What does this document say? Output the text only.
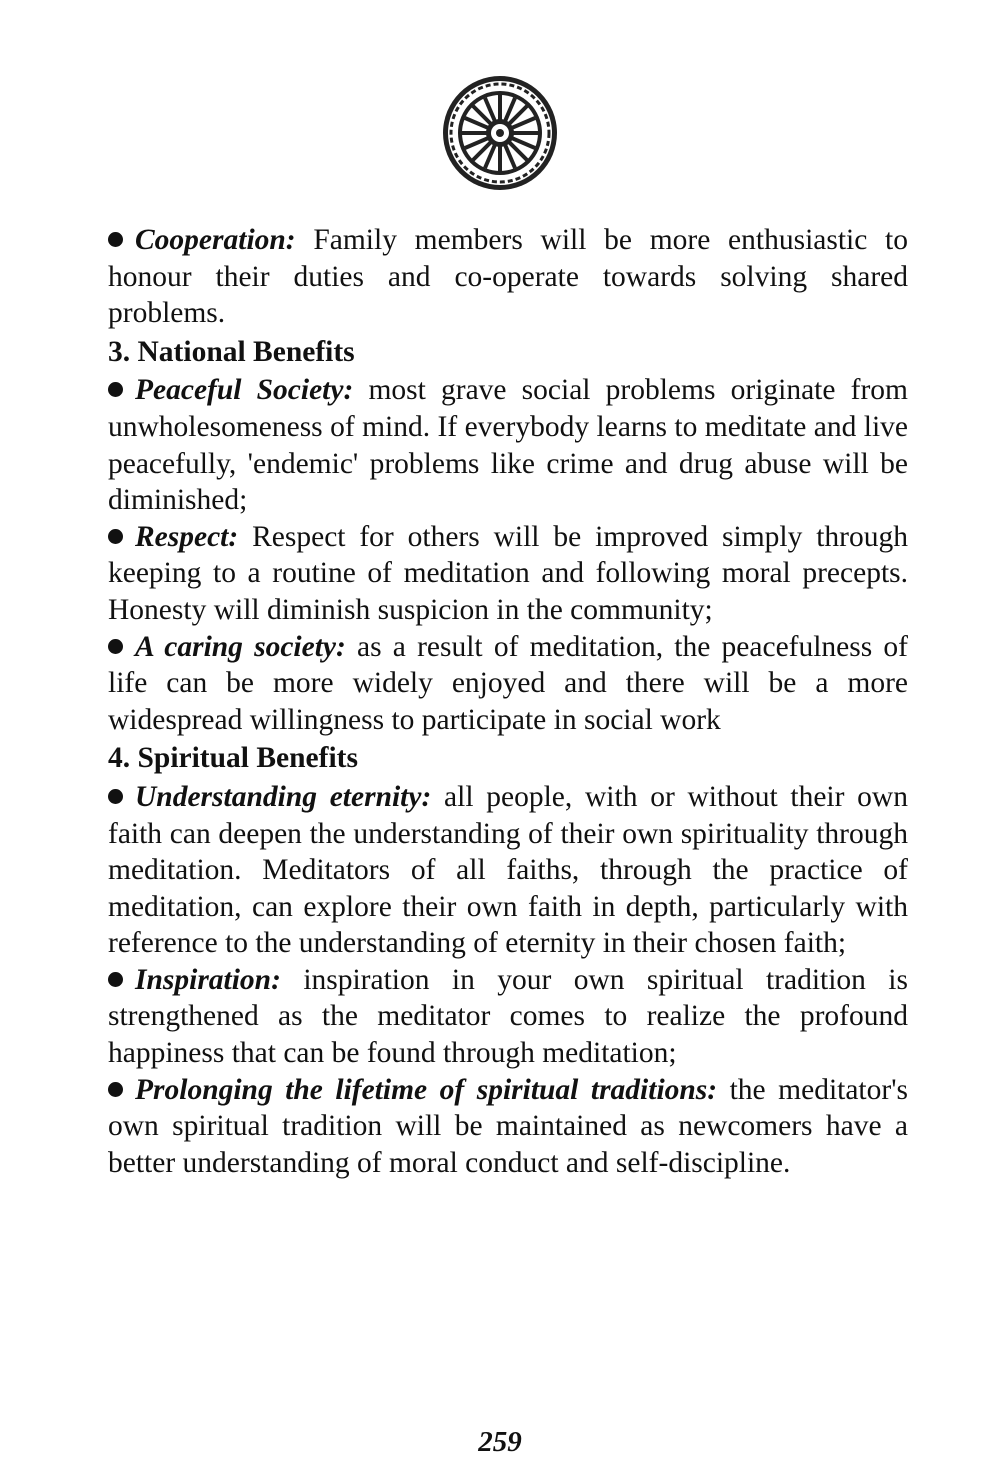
Cooperation: Family members will be more enthusiastic to honour their duties and co-operate towards solving shared problems.

3. National Benefits

Peaceful Society: most grave social problems originate from unwholesomeness of mind. If everybody learns to meditate and live peacefully, 'endemic' problems like crime and drug abuse will be diminished;

Respect: Respect for others will be improved simply through keeping to a routine of meditation and following moral precepts. Honesty will diminish suspicion in the community;

A caring society: as a result of meditation, the peacefulness of life can be more widely enjoyed and there will be a more widespread willingness to participate in social work

4. Spiritual Benefits

Understanding eternity: all people, with or without their own faith can deepen the understanding of their own spirituality through meditation. Meditators of all faiths, through the practice of meditation, can explore their own faith in depth, particularly with reference to the understanding of eternity in their chosen faith;

Inspiration: inspiration in your own spiritual tradition is strengthened as the meditator comes to realize the profound happiness that can be found through meditation;

Prolonging the lifetime of spiritual traditions: the meditator's own spiritual tradition will be maintained as newcomers have a better understanding of moral conduct and self-discipline.

259
